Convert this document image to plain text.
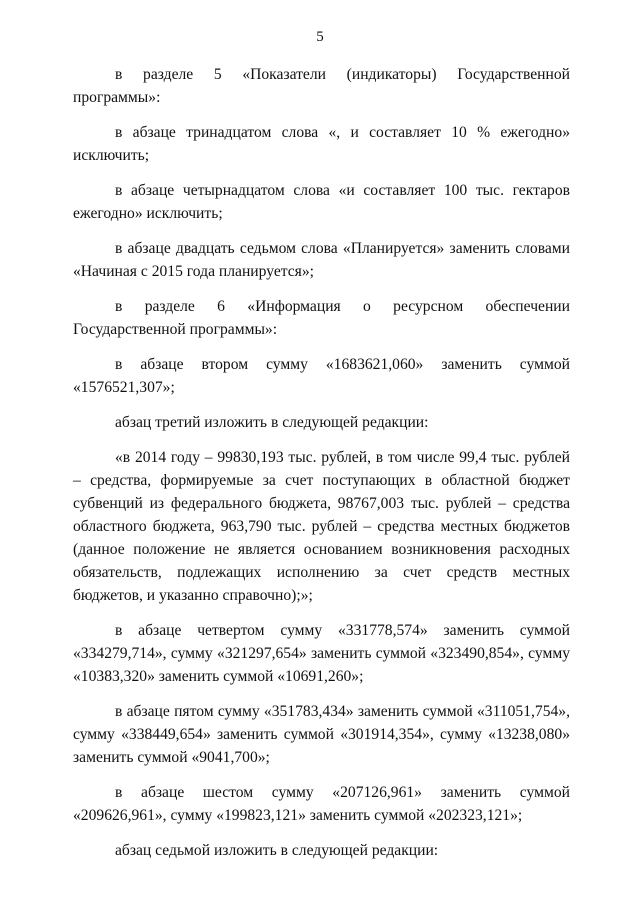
5

в разделе 5 «Показатели (индикаторы) Государственной программы»:

в абзаце тринадцатом слова «, и составляет 10 % ежегодно» исключить;

в абзаце четырнадцатом слова «и составляет 100 тыс. гектаров ежегодно» исключить;

в абзаце двадцать седьмом слова «Планируется» заменить словами «Начиная с 2015 года планируется»;

в разделе 6 «Информация о ресурсном обеспечении Государственной программы»:

в абзаце втором сумму «1683621,060» заменить суммой «1576521,307»;

абзац третий изложить в следующей редакции:

«в 2014 году – 99830,193 тыс. рублей, в том числе 99,4 тыс. рублей – средства, формируемые за счет поступающих в областной бюджет субвенций из федерального бюджета, 98767,003 тыс. рублей – средства областного бюджета, 963,790 тыс. рублей – средства местных бюджетов (данное положение не является основанием возникновения расходных обязательств, подлежащих исполнению за счет средств местных бюджетов, и указанно справочно);»;

в абзаце четвертом сумму «331778,574» заменить суммой «334279,714», сумму «321297,654» заменить суммой «323490,854», сумму «10383,320» заменить суммой «10691,260»;

в абзаце пятом сумму «351783,434» заменить суммой «311051,754», сумму «338449,654» заменить суммой «301914,354», сумму «13238,080» заменить суммой «9041,700»;

в абзаце шестом сумму «207126,961» заменить суммой «209626,961», сумму «199823,121» заменить суммой «202323,121»;

абзац седьмой изложить в следующей редакции:
